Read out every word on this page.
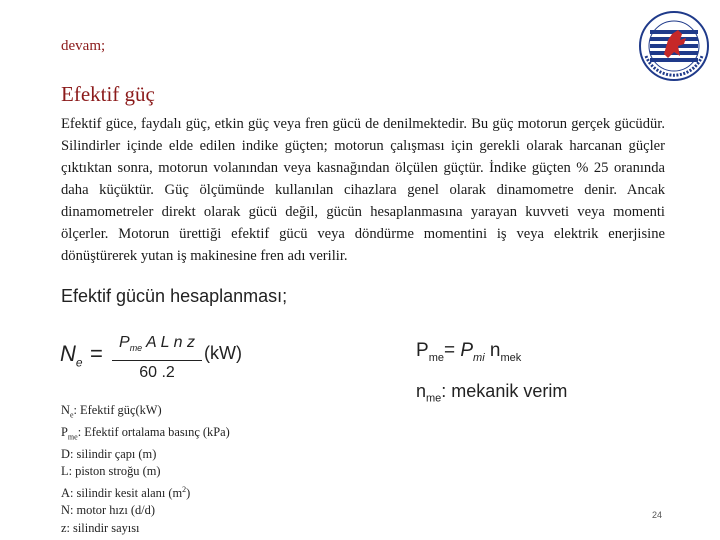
devam;
Efektif güç
Efektif güce, faydalı güç, etkin güç veya fren gücü de denilmektedir. Bu güç motorun gerçek gücüdür. Silindirler içinde elde edilen indike güçten; motorun çalışması için gerekli olarak harcanan güçler çıktıktan sonra, motorun volanından veya kasnağından ölçülen güçtür. İndike güçten % 25 oranında daha küçüktür. Güç ölçümünde kullanılan cihazlara genel olarak dinamometre denir. Ancak dinamometreler direkt olarak gücü değil, gücün hesaplanmasına yarayan kuvveti veya momenti ölçerler. Motorun ürettiği efektif gücü veya döndürme momentini iş veya elektrik enerjisine dönüştürerek yutan iş makinesine fren adı verilir.
Efektif gücün hesaplanması;
$N_e$ =	$P_{me}$ A L n z
60 .2
(kW)	$P_{me}= P_{mi}$ $n_{mek}$
$n_{me}$: mekanik verim
$N_e$: Efektif güç(kW)
$P_{me}$: Efektif ortalama basınç (kPa)
D: silindir çapı (m)
L: piston stroğu (m)
A: silindir kesit alanı $(m^2)$
N: motor hızı (d/d)
z: silindir sayısı
24
